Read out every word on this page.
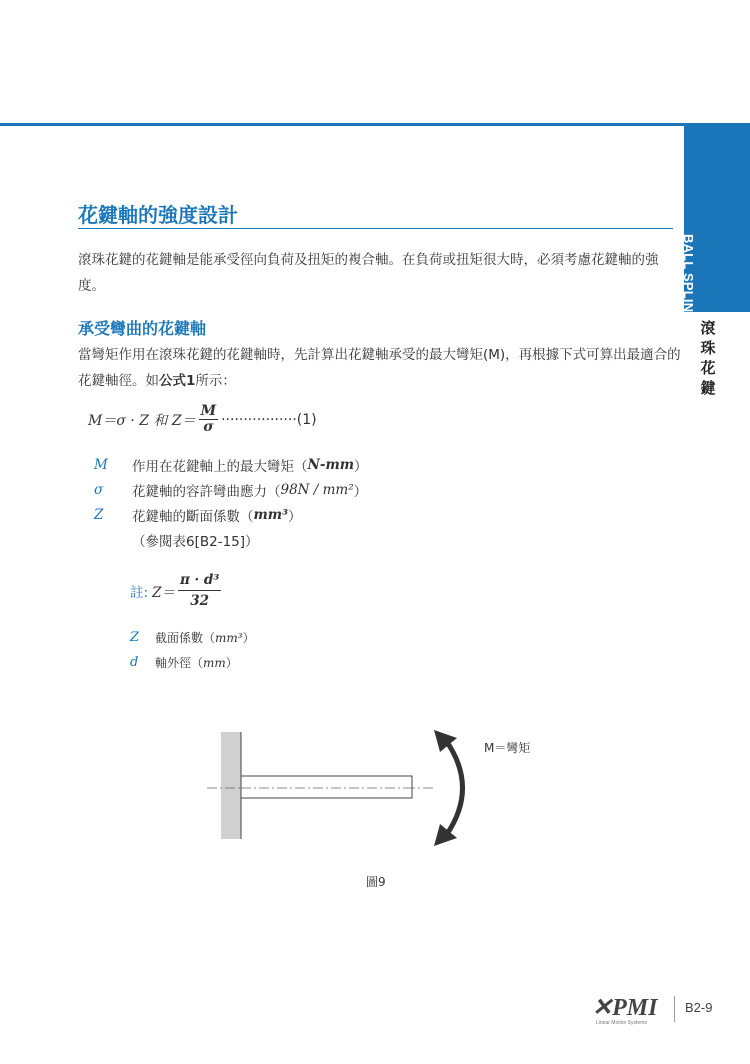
BALL SPLINE
滾珠花鍵
花鍵軸的強度設計

滾珠花鍵的花鍵軸是能承受徑向負荷及扭矩的複合軸。在負荷或扭矩很大時，必須考慮花鍵軸的強度。

承受彎曲的花鍵軸

當彎矩作用在滾珠花鍵的花鍵軸時，先計算出花鍵軸承受的最大彎矩(M)，再根據下式可算出最適合的花鍵軸徑。如公式1所示：

M＝σ · Z 和 $Z= \frac{M}{\sigma}$ ················· (1)
M	作用在花鍵軸上的最大彎矩（ N-mm ）
σ	花鍵軸的容許彎曲應力（ 98N / mm² ）
Z	花鍵軸的斷面係數（ mm³ ）
（參閱表6[B2-15]）
註: $Z= \frac{\text{π · d³}}{32}$
Z	截面係數（ mm³ ）
d	軸外徑（ mm ）
M＝彎矩
圖9
✕PMI
Linear Motion Systems
B2-9
